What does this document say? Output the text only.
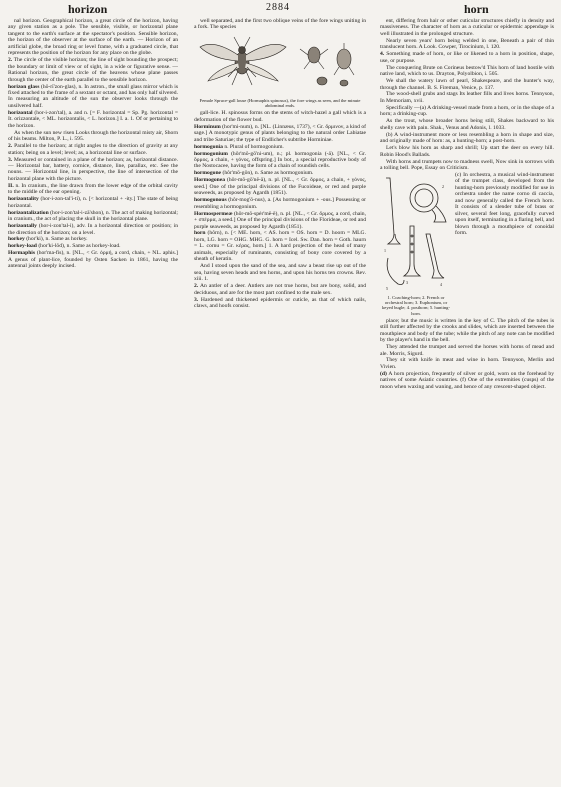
horizon	2884	horn

nal horizon. Geographical horizon, a great circle of the horizon, having any given station as a pole. The sensible, visible, or horizontal plane tangent to the earth's surface at the spectator's position. Sensible horizon, the horizon of the observer at the surface of the earth. — Horizon of an artificial globe, the broad ring or level frame, with a graduated circle, that represents the position of the horizon for any place on the globe.

2. The circle of the visible horizon; the line of sight bounding the prospect; the boundary or limit of view or of sight, in a wide or figurative sense. — Rational horizon, the great circle of the heavens whose plane passes through the center of the earth parallel to the sensible horizon.

horizon glass (hō-rī'zon-glas), n. In astron., the small glass mirror which is fixed attached to the frame of a sextant or octant, and has only half silvered. In measuring an altitude of the sun the observer looks through the unsilvered half.

horizontal (hor-i-zon'tal), a. and n. [= F. horizontal = Sp. Pg. horizontal = It. orizzontale, < ML. horizontalis, < L. horizon.] I. a. 1. Of or pertaining to the horizon.

As when the sun new risen Looks through the horizontal misty air, Shorn of his beams. Milton, P. L., i. 595.

2. Parallel to the horizon; at right angles to the direction of gravity at any station; being on a level; level; as, a horizontal line or surface.

3. Measured or contained in a plane of the horizon; as, horizontal distance. — Horizontal bar, battery, cornice, distance, line, parallax, etc. See the nouns. — Horizontal line, in perspective, the line of intersection of the horizontal plane with the picture.

II. n. In cranium., the line drawn from the lower edge of the orbital cavity to the middle of the ear opening.

horizontality (hor-i-zon-tal'i-ti), n. [< horizontal + -ity.] The state of being horizontal.

horizontalization (hor-i-zon'tal-i-zā'shon), n. The act of making horizontal; in cranium., the act of placing the skull in the horizontal plane.

horizontally (hor-i-zon'tal-i), adv. In a horizontal direction or position; in the direction of the horizon; on a level.

horkey (hor'ki), n. Same as horkey.

horkey-load (hor'ki-lōd), n. Same as horkey-load.

Hormaphis (hor'ma-fis), n. [NL., < Gr. ὁρμή, a cord, chain, + NL. aphis.] A genus of plant-lice, founded by Osten Sacken in 1861, having the antennal joints deeply incised.

well separated, and the first two oblique veins of the fore wings uniting in a fork. The species

Female Spruce-gall louse (Hormaphis spinosus), the fore wings as seen, and the minute abdominal ends.

gall-lice. H. spinosus forms on the stems of witch-hazel a gall which is a deformation of the flower bud.

Horminum (hor'mi-num), n. [NL. (Linnæus, 1737), < Gr. ὅρμινον, a kind of sage.] A monotypic genus of plants belonging to the natural order Labiatae and tribe Saturiae; the type of Endlicher's subtribe Horminiae.

hormogonia n. Plural of hormogonium.

hormogonium (hôr'mō-gō'ni-um), n.; pl. hormogonia (-ä). [NL., < Gr. ὅρμος, a chain, + γόνος, offspring.] In bot., a special reproductive body of the Nostocacee, having the form of a chain of roundish cells.

hormogone (hôr'mō-gōn), n. Same as hormogonium.

Hormogonea (hôr-mō-gō'nē-ä), n. pl. [NL., < Gr. ὅρμος, a chain, + γόνος, seed.] One of the principal divisions of the Fucoideae, or red and purple seaweeds, as proposed by Agardh (1851).

hormogonous (hôr-mog'ō-nus), a. [As hormogonium + -ous.] Possessing or resembling a hormogonium.

Hormospermeæ (hôr-mō-spėr'mē-ē), n. pl. [NL., < Gr. ὅρμος, a cord, chain, + σπέρμα, a seed.] One of the principal divisions of the Florideae, or red and purple seaweeds, as proposed by Agardh (1851).

horn (hôrn), n. [< ME. horn, < AS. horn = OS. horn = D. hoorn = MLG. horn, LG. horn = OHG. MHG. G. horn = Icel. Sw. Dan. horn = Goth. haurn = L. cornu = Gr. κέρας, horn.] 1. A hard projection of the head of many animals, especially of ruminants, consisting of bony core covered by a sheath of keratin.

And I stood upon the sand of the sea, and saw a beast rise up out of the sea, having seven heads and ten horns, and upon his horns ten crowns. Rev. xiii. 1.

2. An antler of a deer. Antlers are not true horns, but are bony, solid, and deciduous, and are for the most part confined to the male sex.

3. Hardened and thickened epidermis or cuticle, as that of which nails, claws, and hoofs consist.

ent, differing from hair or other cuticular structures chiefly in density and massiveness. The character of horn as a cuticular or epidermic appendage is well illustrated in the prolonged structure.

Nearly seven years' horn being welded in one, Beneath a pair of thin translucent horn. A Look. Cowper, Tirocinium, l. 120.

4. Something made of horn, or like or likened to a horn in position, shape, use, or purpose.

The conquering Brute on Corineus bestow'd This horn of land hostile with native land, which to us. Drayton, Polyolbion, i. 505.

We shall the watery lawn of pearl, Shakespeare, and the hunter's way, through the channel. B. S. Fireman, Venice, p. 137.

The wood-shell grubs and stags Its leather fills and lives horns. Tennyson, In Memoriam, xvii.

Specifically —(a) A drinking-vessel made from a horn, or in the shape of a horn; a drinking-cup.

As the trout, whose broader horns being still, Shakes backward to his shelly cave with pain. Shak., Venus and Adonis, l. 1033.

(b) A wind-instrument more or less resembling a horn in shape and size, and originally made of horn: as, a hunting-horn; a post-horn.

Let's blow his horn as sharp and shrill; Up start the deer on every hill. Robin Hood's Ballads.

With horns and trumpets now to madness swell, Now sink in sorrows with a tolling bell. Pope, Essay on Criticism.

1
2
3	4
5
1. Coaching-horn; 2. French or orchestral horn; 3. Euphonium, or keyed bugle; 4. posthorn; 5. hunting-horn.
(c) In orchestra, a musical wind-instrument of the trumpet class, developed from the hunting-horn previously modified for use in orchestra under the name corno di caccia, and now generally called the French horn. It consists of a slender tube of brass or silver, several feet long, gracefully curved upon itself, terminating in a flaring bell, and blown through a mouthpiece of conoidal form.

place; but the music is written in the key of C. The pitch of the tubes is still further affected by the crooks and slides, which are inserted between the mouthpiece and body of the tube; while the pitch of any note can be modified by the player's hand in the bell.

They attended the trumpet and served the horses with horns of mead and ale. Morris, Sigurd.

They sit with knife in meat and wine in horn. Tennyson, Merlin and Vivien.

(d) A horn projection, frequently of silver or gold, worn on the forehead by natives of some Asiatic countries. (f) One of the extremities (cusps) of the moon when waxing and waning, and hence of any crescent-shaped object.
